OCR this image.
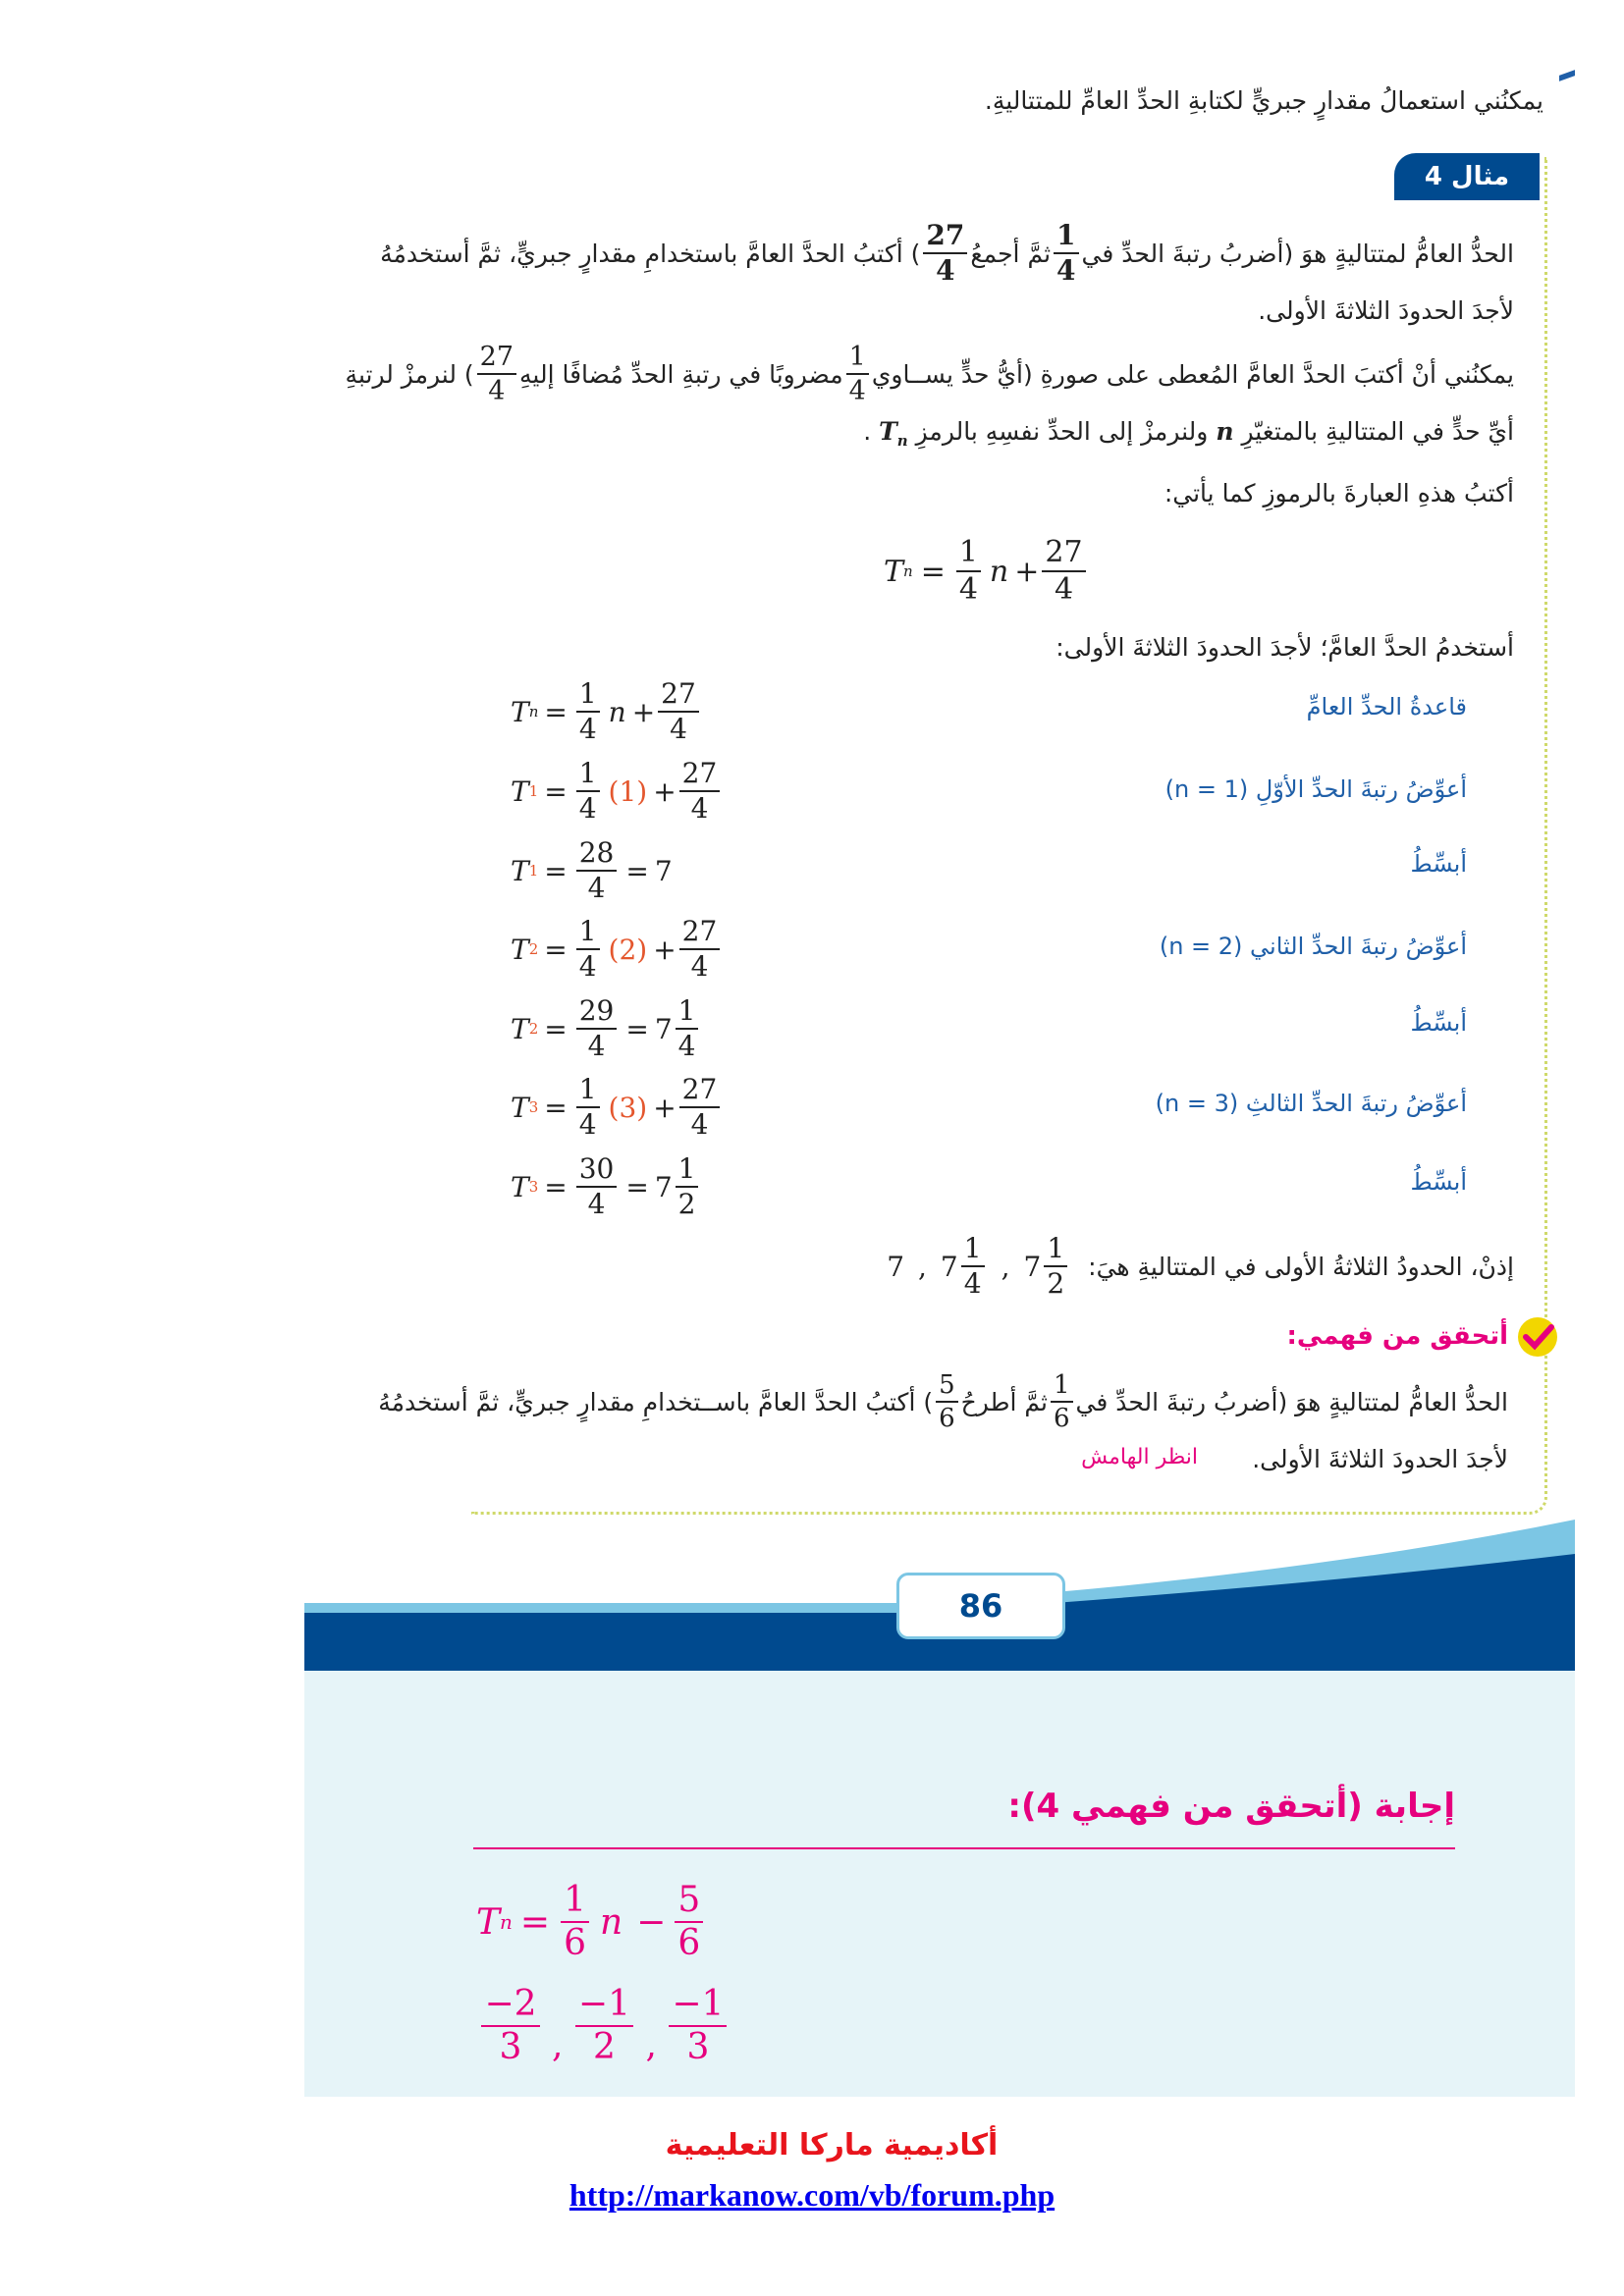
يمكنُني استعمالُ مقدارٍ جبريٍّ لكتابةِ الحدِّ العامِّ للمتتاليةِ.
مثال 4
الحدُّ العامُّ لمتتاليةٍ هوَ (أضربُ رتبةَ الحدِّ في
$\frac{1}{4}$
ثمَّ أجمعُ
$\frac{27}{4}$
) أكتبُ الحدَّ العامَّ باستخدامِ مقدارٍ جبريٍّ، ثمَّ أستخدمُهُ
لأجدَ الحدودَ الثلاثةَ الأولى.
يمكنُني أنْ أكتبَ الحدَّ العامَّ المُعطى على صورةِ (أيُّ حدٍّ يســاوي
$\frac{1}{4}$
مضروبًا في رتبةِ الحدِّ مُضافًا إليهِ
$\frac{27}{4}$
) لنرمزْ لرتبةِ
أيِّ حدٍّ في المتتاليةِ بالمتغيّرِ n ولنرمزْ إلى الحدِّ نفسِهِ بالرمزِ $T_n$ .
أكتبُ هذهِ العبارةَ بالرموزِ كما يأتي:
T $n = \frac{1}{4}$ $n + \frac{27}{4}$
أستخدمُ الحدَّ العامَّ؛ لأجدَ الحدودَ الثلاثةَ الأولى:
T $n = \frac{1}{4}$ $n + \frac{27}{4}$	قاعدةُ الحدِّ العامِّ
T $1 = \frac{1}{4} (1) + \frac{27}{4}$	أعوِّضُ رتبةَ الحدِّ الأوّلِ (n = 1)
T $1 = \frac{28}{4} = 7$	أبسِّطُ
T $2 = \frac{1}{4} (2) + \frac{27}{4}$	أعوِّضُ رتبةَ الحدِّ الثاني (n = 2)
T $2 = \frac{29}{4} = 7 \frac{1}{4}$	أبسِّطُ
T $3 = \frac{1}{4} (3) + \frac{27}{4}$	أعوِّضُ رتبةَ الحدِّ الثالثِ (n = 3)
T $3 = \frac{30}{4} = 7 \frac{1}{2}$	أبسِّطُ
إذنْ، الحدودُ الثلاثةُ الأولى في المتتاليةِ هيَ:
7 , $7 \frac{1}{4}$ , $7 \frac{1}{2}$
أتحقق من فهمي:
الحدُّ العامُّ لمتتاليةٍ هوَ (أضربُ رتبةَ الحدِّ في
$\frac{1}{6}$
ثمَّ أطرحُ
$\frac{5}{6}$
) أكتبُ الحدَّ العامَّ باســتخدامِ مقدارٍ جبريٍّ، ثمَّ أستخدمُهُ
لأجدَ الحدودَ الثلاثةَ الأولى.
انظر الهامش
86
إجابة (أتحقق من فهمي 4):
T $n = \frac{1}{6}$ $n - \frac{5}{6}$
$\frac{-2}{3}$ , $\frac{-1}{2}$ , $\frac{-1}{3}$
أكاديمية ماركا التعليمية
http://markanow.com/vb/forum.php
